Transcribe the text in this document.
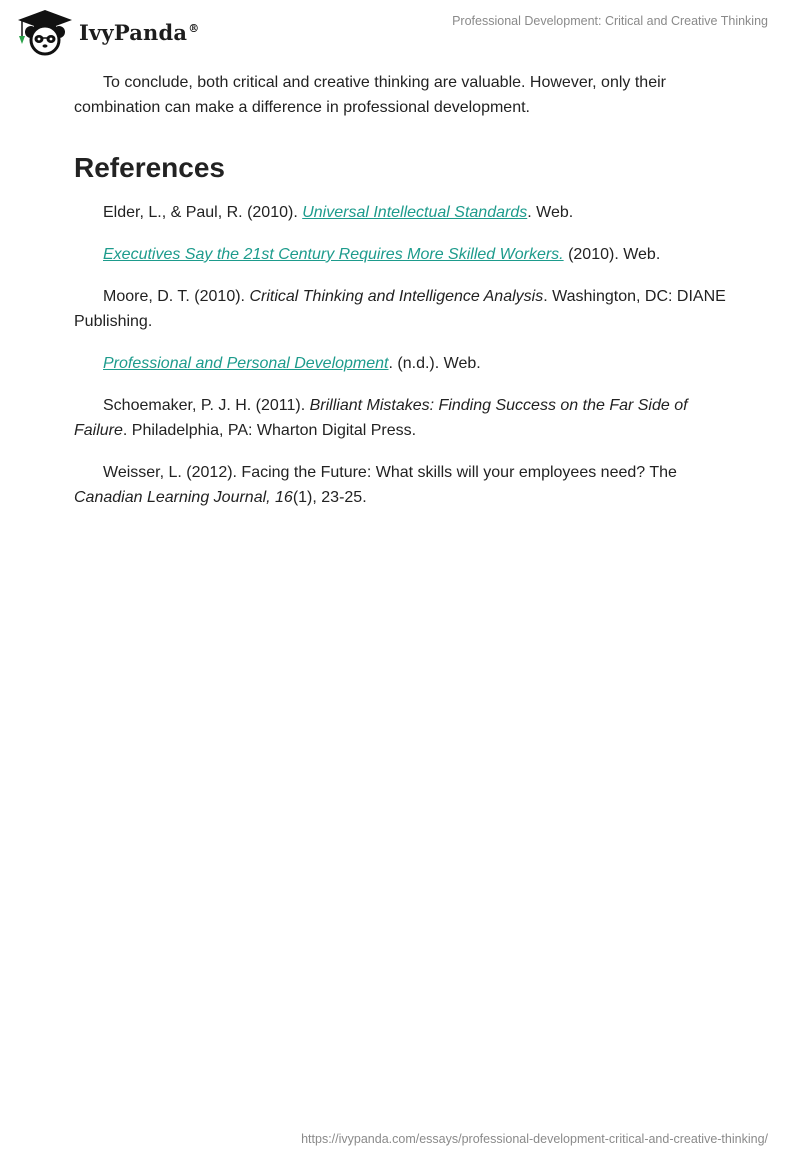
IvyPanda®	Professional Development: Critical and Creative Thinking

To conclude, both critical and creative thinking are valuable. However, only their combination can make a difference in professional development.

References

Elder, L., & Paul, R. (2010). Universal Intellectual Standards. Web.

Executives Say the 21st Century Requires More Skilled Workers. (2010). Web.

Moore, D. T. (2010). Critical Thinking and Intelligence Analysis. Washington, DC: DIANE Publishing.

Professional and Personal Development. (n.d.). Web.

Schoemaker, P. J. H. (2011). Brilliant Mistakes: Finding Success on the Far Side of Failure. Philadelphia, PA: Wharton Digital Press.

Weisser, L. (2012). Facing the Future: What skills will your employees need? The Canadian Learning Journal, 16(1), 23-25.

https://ivypanda.com/essays/professional-development-critical-and-creative-thinking/
